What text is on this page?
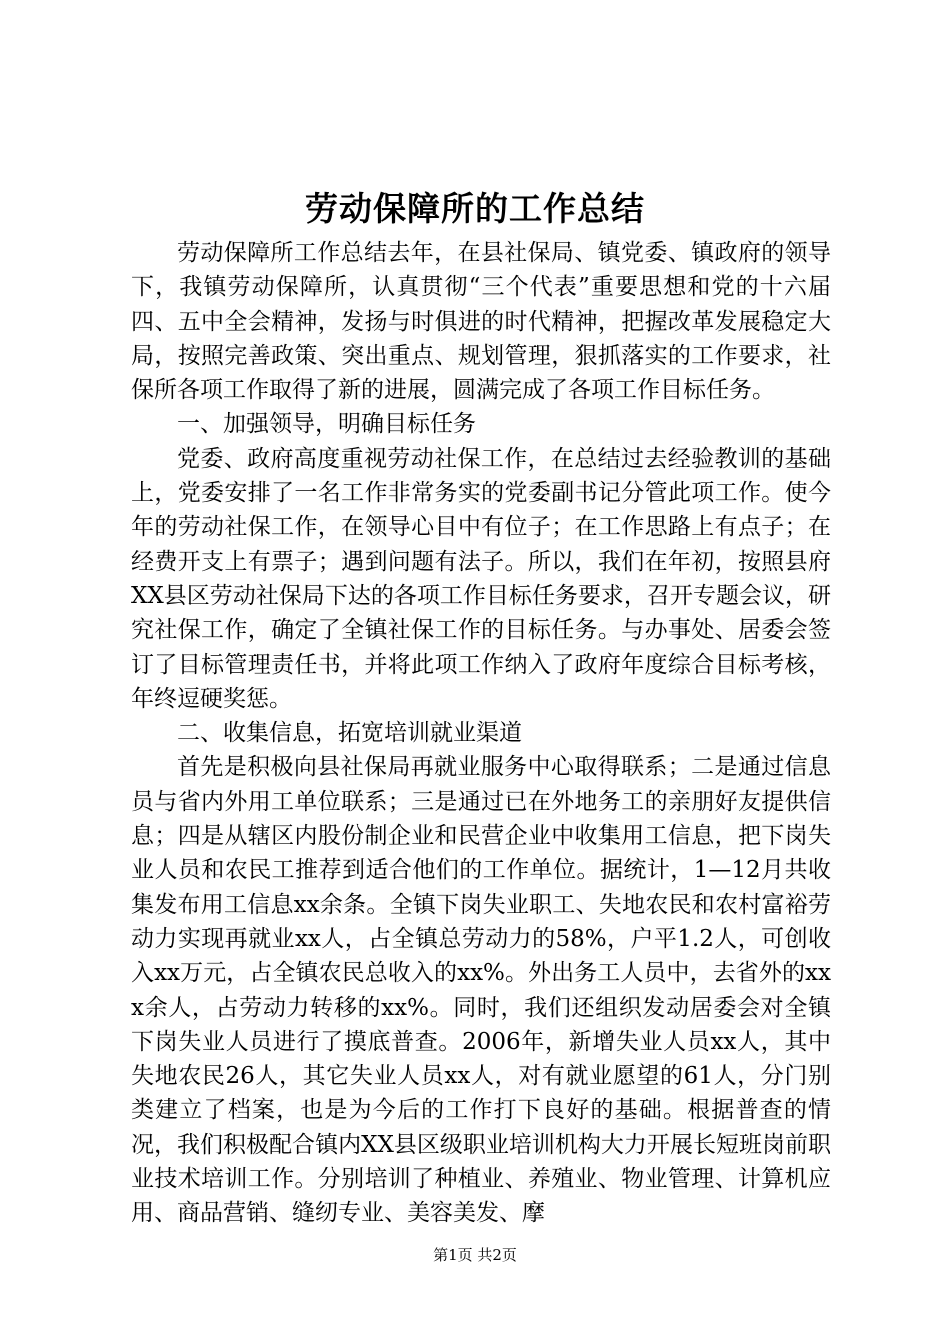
劳动保障所的工作总结

劳动保障所工作总结去年，在县社保局、镇党委、镇政府的领导下，我镇劳动保障所，认真贯彻“三个代表”重要思想和党的十六届四、五中全会精神，发扬与时俱进的时代精神，把握改革发展稳定大局，按照完善政策、突出重点、规划管理，狠抓落实的工作要求，社保所各项工作取得了新的进展，圆满完成了各项工作目标任务。

一、加强领导，明确目标任务

党委、政府高度重视劳动社保工作，在总结过去经验教训的基础上，党委安排了一名工作非常务实的党委副书记分管此项工作。使今年的劳动社保工作，在领导心目中有位子；在工作思路上有点子；在经费开支上有票子；遇到问题有法子。所以，我们在年初，按照县府XX县区劳动社保局下达的各项工作目标任务要求，召开专题会议，研究社保工作，确定了全镇社保工作的目标任务。与办事处、居委会签订了目标管理责任书，并将此项工作纳入了政府年度综合目标考核，年终逗硬奖惩。

二、收集信息，拓宽培训就业渠道

首先是积极向县社保局再就业服务中心取得联系；二是通过信息员与省内外用工单位联系；三是通过已在外地务工的亲朋好友提供信息；四是从辖区内股份制企业和民营企业中收集用工信息，把下岗失业人员和农民工推荐到适合他们的工作单位。据统计，1—12月共收集发布用工信息xx余条。全镇下岗失业职工、失地农民和农村富裕劳动力实现再就业xx人，占全镇总劳动力的58%，户平1.2人，可创收入xx万元，占全镇农民总收入的xx%。外出务工人员中，去省外的xxx余人，占劳动力转移的xx%。同时，我们还组织发动居委会对全镇下岗失业人员进行了摸底普查。2006年，新增失业人员xx人，其中失地农民26人，其它失业人员xx人，对有就业愿望的61人，分门别类建立了档案，也是为今后的工作打下良好的基础。根据普查的情况，我们积极配合镇内XX县区级职业培训机构大力开展长短班岗前职业技术培训工作。分别培训了种植业、养殖业、物业管理、计算机应用、商品营销、缝纫专业、美容美发、摩

第1页 共2页
